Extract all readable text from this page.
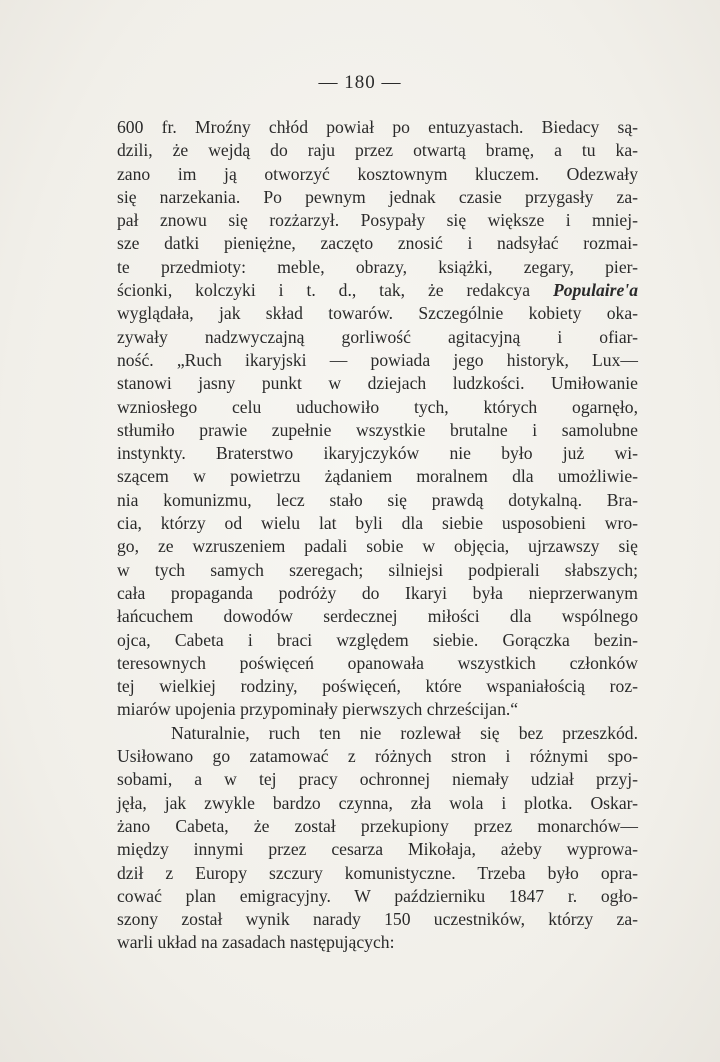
— 180 —
600 fr. Mroźny chłód powiał po entuzyastach. Biedacy są-
dzili, że wejdą do raju przez otwartą bramę, a tu ka-
zano im ją otworzyć kosztownym kluczem. Odezwały
się narzekania. Po pewnym jednak czasie przygasły za-
pał znowu się rozżarzył. Posypały się większe i mniej-
sze datki pieniężne, zaczęto znosić i nadsyłać rozmai-
te przedmioty: meble, obrazy, książki, zegary, pier-
ścionki, kolczyki i t. d., tak, że redakcya Populaire'a
wyglądała, jak skład towarów. Szczególnie kobiety oka-
zywały nadzwyczajną gorliwość agitacyjną i ofiar-
ność. „Ruch ikaryjski — powiada jego historyk, Lux—
stanowi jasny punkt w dziejach ludzkości. Umiłowanie
wzniosłego celu uduchowiło tych, których ogarnęło,
stłumiło prawie zupełnie wszystkie brutalne i samolubne
instynkty. Braterstwo ikaryjczyków nie było już wi-
szącem w powietrzu żądaniem moralnem dla umożliwie-
nia komunizmu, lecz stało się prawdą dotykalną. Bra-
cia, którzy od wielu lat byli dla siebie usposobieni wro-
go, ze wzruszeniem padali sobie w objęcia, ujrzawszy się
w tych samych szeregach; silniejsi podpierali słabszych;
cała propaganda podróży do Ikaryi była nieprzerwanym
łańcuchem dowodów serdecznej miłości dla wspólnego
ojca, Cabeta i braci względem siebie. Gorączka bezin-
teresownych poświęceń opanowała wszystkich członków
tej wielkiej rodziny, poświęceń, które wspaniałością roz-
miarów upojenia przypominały pierwszych chrześcijan.“
Naturalnie, ruch ten nie rozlewał się bez przeszkód.
Usiłowano go zatamować z różnych stron i różnymi spo-
sobami, a w tej pracy ochronnej niemały udział przyj-
jęła, jak zwykle bardzo czynna, zła wola i plotka. Oskar-
żano Cabeta, że został przekupiony przez monarchów—
między innymi przez cesarza Mikołaja, ażeby wyprowa-
dził z Europy szczury komunistyczne. Trzeba było opra-
cować plan emigracyjny. W październiku 1847 r. ogło-
szony został wynik narady 150 uczestników, którzy za-
warli układ na zasadach następujących:
